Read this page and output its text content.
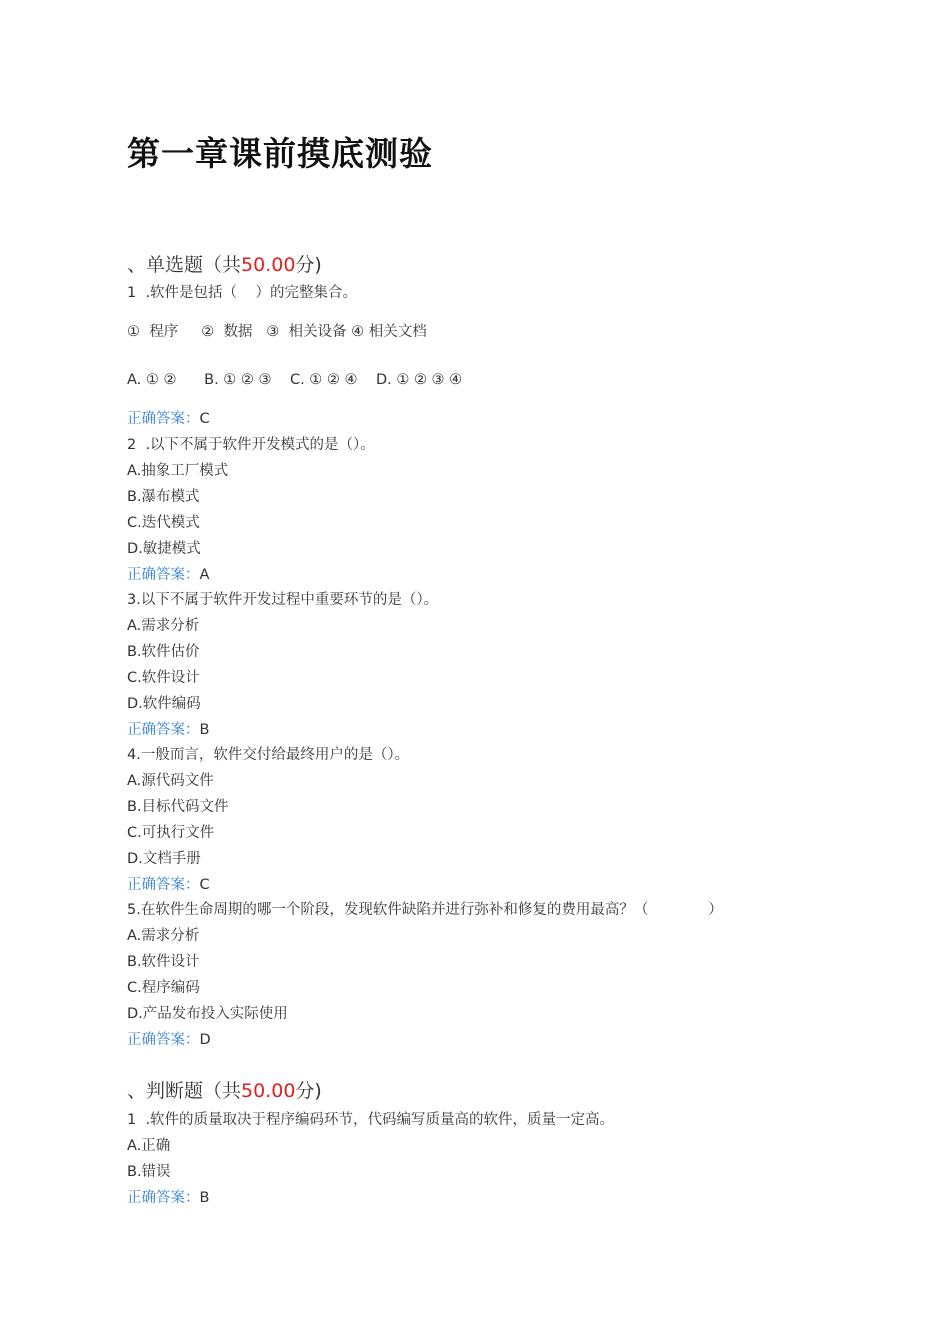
第一章课前摸底测验
、单选题（共50.00分)
1  .软件是包括（    ）的完整集合。
①  程序     ②  数据   ③  相关设备 ④ 相关文档
A. ① ②      B. ① ② ③    C. ① ② ④    D. ① ② ③ ④
正确答案：C
2  .以下不属于软件开发模式的是（）。
A.抽象工厂模式
B.瀑布模式
C.迭代模式
D.敏捷模式
正确答案：A
3.以下不属于软件开发过程中重要环节的是（）。
A.需求分析
B.软件估价
C.软件设计
D.软件编码
正确答案：B
4.一般而言，软件交付给最终用户的是（）。
A.源代码文件
B.目标代码文件
C.可执行文件
D.文档手册
正确答案：C
5.在软件生命周期的哪一个阶段，发现软件缺陷并进行弥补和修复的费用最高？（             ）
A.需求分析
B.软件设计
C.程序编码
D.产品发布投入实际使用
正确答案：D
、判断题（共50.00分)
1  .软件的质量取决于程序编码环节，代码编写质量高的软件，质量一定高。
A.正确
B.错误
正确答案：B
